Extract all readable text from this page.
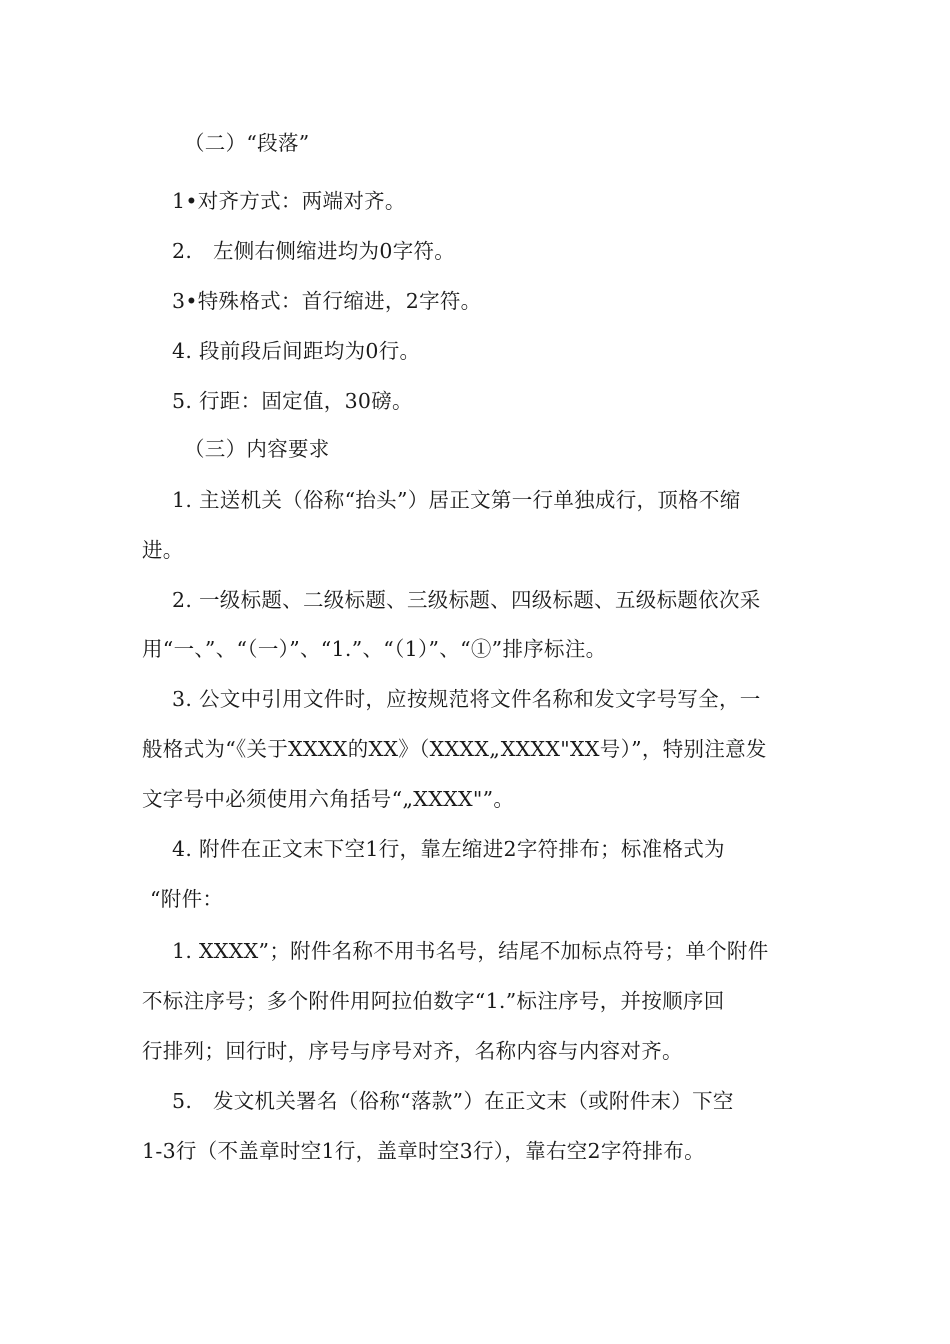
（二）“段落”
1•对齐方式：两端对齐。
2.　左侧右侧缩进均为0字符。
3•特殊格式：首行缩进，2字符。
4. 段前段后间距均为0行。
5. 行距：固定值，30磅。
（三）内容要求
1. 主送机关（俗称“抬头”）居正文第一行单独成行，顶格不缩
进。
2. 一级标题、二级标题、三级标题、四级标题、五级标题依次采
用“一、”、“（一）”、“1.”、“（1）”、“①”排序标注。
3. 公文中引用文件时，应按规范将文件名称和发文字号写全，一
般格式为“《关于XXXX的XX》（XXXX„XXXX"XX号）”，特别注意发
文字号中必须使用六角括号“„XXXX"”。
4. 附件在正文末下空1行，靠左缩进2字符排布；标准格式为
“附件：
1. XXXX”；附件名称不用书名号，结尾不加标点符号；单个附件
不标注序号；多个附件用阿拉伯数字“1.”标注序号，并按顺序回
行排列；回行时，序号与序号对齐，名称内容与内容对齐。
5.　发文机关署名（俗称“落款”）在正文末（或附件末）下空
1-3行（不盖章时空1行，盖章时空3行），靠右空2字符排布。
